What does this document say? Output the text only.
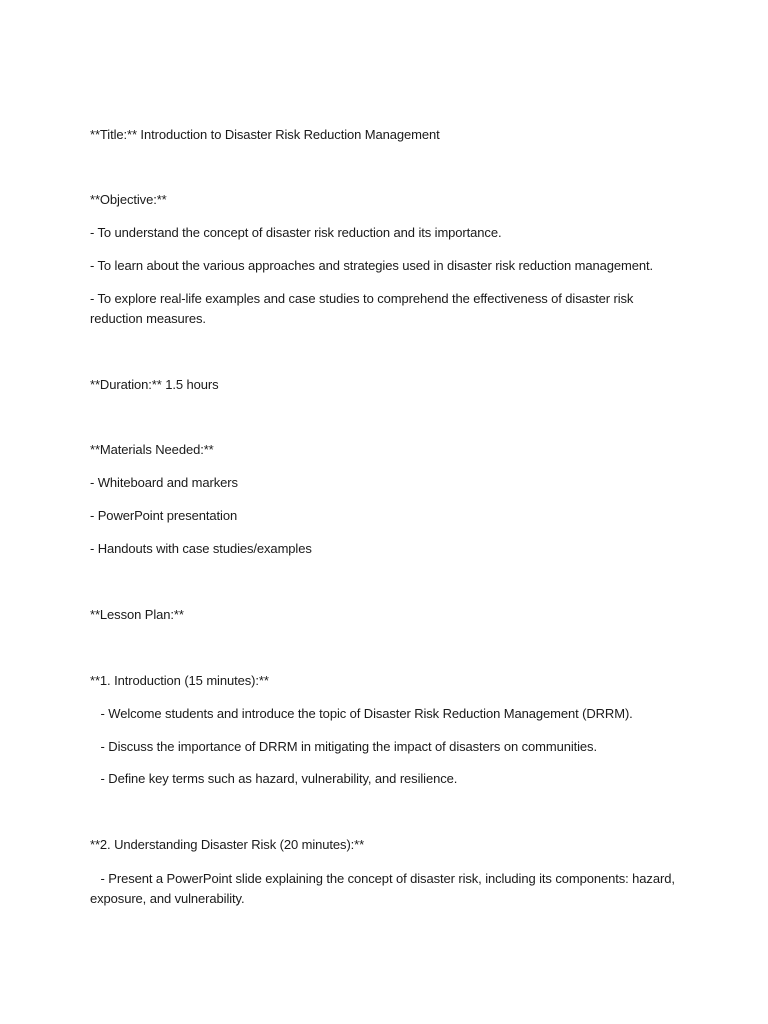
**Title:** Introduction to Disaster Risk Reduction Management
**Objective:**
- To understand the concept of disaster risk reduction and its importance.
- To learn about the various approaches and strategies used in disaster risk reduction management.
- To explore real-life examples and case studies to comprehend the effectiveness of disaster risk reduction measures.
**Duration:** 1.5 hours
**Materials Needed:**
- Whiteboard and markers
- PowerPoint presentation
- Handouts with case studies/examples
**Lesson Plan:**
**1. Introduction (15 minutes):**
- Welcome students and introduce the topic of Disaster Risk Reduction Management (DRRM).
- Discuss the importance of DRRM in mitigating the impact of disasters on communities.
- Define key terms such as hazard, vulnerability, and resilience.
**2. Understanding Disaster Risk (20 minutes):**
- Present a PowerPoint slide explaining the concept of disaster risk, including its components: hazard, exposure, and vulnerability.
